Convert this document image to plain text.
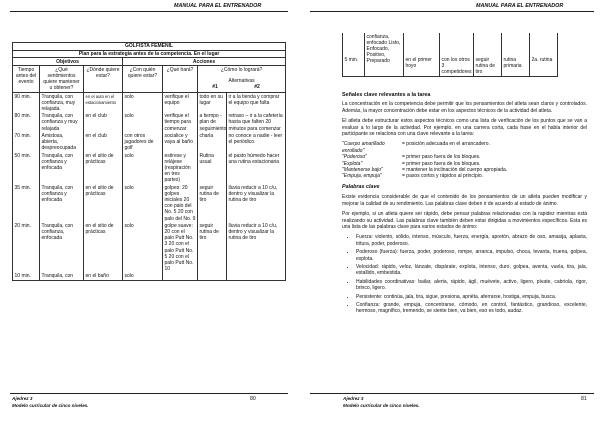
MANUAL PARA EL ENTRENADOR
GOLFISTA FEMENIL						
Plan para la estrategia antes de la competencia. En el lugar						
Objetivos			Acciones			
Tiempo antes del evento	¿Qué sentimientos quiere mantener u obtener?	¿Dónde quiere estar?	¿Con quién quiere estar?	¿Qué hará?	¿Cómo lo logrará?	

					Alternativas
#1 #2	

90 min.	Tranquila, con confianza, muy relajada.	en el auto en el estacionamiento	solo	verifique el equipo	todo en su lugar	ir a la tienda y comprar el equipo que falta
80 min.	Tranquila, con confianza y muy relajada	en el club	solo	verifique el tiempo para comenzar	a tiempo - plan de seguimiento	retraso – ir a la cafetería hasta que falten 20 minutos para comenzar
70 min.	Amistosa, abierta, despreocupada	en el club	con otros jugadores de golf	socialice y vaya al baño	charla	no conoce a nadie - leer el periódico.
50 min.	Tranquila, con confianza y enfocada	en el sitio de prácticas	solo	estirese y relájese (respiración en tres partes)	Rutina usual	el pasto húmedo hacer una rutina estacionaria
35 min.	Tranquila, con confianza y enfocada	en el sitio de prácticas	solo	golpes: 20 golpes iniciales 20 con palo del No. 5 20 con palo del No. 9	seguir rutina de tiro	lluvia reducir a 10 c/u, dentro y visualizar la rutina de tiro
20 min.	Tranquila, con confianza, enfocada	en el sitio de prácticas	solo	golpe suave: 20 con el palo Putt No. 3 20 con el palo Putt No. 5 20 con el palo Putt No. 10	seguir rutina de tiro	lluvia reducir a 10 c/u, dentro y visualizar la rutina de tiro
10 min.	Tranquila, con	en el baño	solo			
Ajedrez 3
Modelo curricular de cinco niveles.
80
MANUAL PARA EL ENTRENADOR
5 min.	confianza, enfocado Listo, Enfocado, Positivo, Preparado	en el primer hoyo	con los otros 3 competidores	seguir rutina de tiro	rutina primaria	2a. rutina
Señales clave relevantes a la tarea

La concentración en la competencia debe permitir que los pensamientos del atleta sean claros y controlados. Además, la mayor concentración debe estar en los aspectos técnicos de la actividad del atleta.

El atleta debe estructurar estos aspectos técnicos como una lista de verificación de los puntos que se van a evaluar a lo largo de la actividad. Por ejemplo, en una carrera corta, cada frase en el habla interior del participante se relaciona con una clave relevante a la tarea:

"Cuerpo amarillado enrollado"
= posición adecuada en el arrancadero.
"Poderoso"	= primer paso fuera de los bloques.
"Explota"	= primer paso fuera de los bloques.
"Mantenerse bajo"	= mantener la inclinación del cuerpo apropiada.
"Empuja, empuja"	= pasos cortos y rápidos al principio.
Palabras clave

Existe evidencia considerable de que el contenido de los pensamientos de un atleta pueden modificar y mejorar la calidad de su rendimiento. Las palabras clave deben ir de acuerdo al estado de ánimo.

Por ejemplo, si un atleta quiere ser rápido, debe pensar palabras relacionadas con la rapidez mientras está realizando su actividad. Las palabras clave también deben estar dirigidas a movimientos específicos. Esta es una lista de las palabras clave para varios estados de ánimo:

• Fuerza: violento, sólido, intenso, músculo, fuerza, energía, apretón, abrazo de oso, amasija, aplasta, tritura, poder, poderoso.
• Poderoso (fuerza): fuerza, poder, poderoso, rompe, arranca, impulso, choca, levanta, truena, golpea, explota.
• Velocidad: rápido, veloz, lánzate, dispárate, explota, intenso, duro, golpea, aventa, vuela, tira, jala, estallido, embestida.
• Habilidades coordinativas: bailar, alerta, rápido, ágil, muévete, activo, ligero, pívate, cabriola, rigor, brinco, ligero.
• Persistente: continúa, jala, tira, sigue, presiona, apriéta, aferrarse, hostiga, empuja, busca.
• Confianza: grande, empuja, concentrarse, cómodo, en control, fantástico, grandioso, excelente, hermoso, magnífico, tremendo, se siente bien, va bien, eso es todo, audaz.
Ajedrez 3
Modelo curricular de cinco niveles.
81
